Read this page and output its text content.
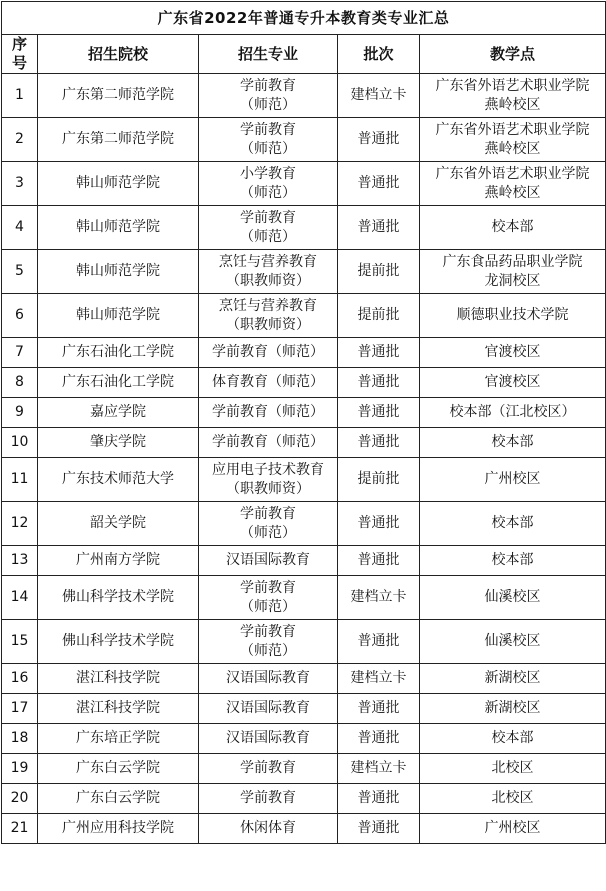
广东省2022年普通专升本教育类专业汇总				
序号	招生院校	招生专业	批次	教学点
1	广东第二师范学院	学前教育
（师范）	建档立卡	广东省外语艺术职业学院
燕岭校区

2	广东第二师范学院	学前教育
（师范）	普通批	广东省外语艺术职业学院
燕岭校区

3	韩山师范学院	小学教育
（师范）	普通批	广东省外语艺术职业学院
燕岭校区

4	韩山师范学院	学前教育
（师范）	普通批	校本部

5	韩山师范学院	烹饪与营养教育
（职教师资）	提前批	广东食品药品职业学院
龙洞校区

6	韩山师范学院	烹饪与营养教育
（职教师资）	提前批	顺德职业技术学院

7	广东石油化工学院	学前教育（师范）	普通批	官渡校区

8	广东石油化工学院	体育教育（师范）	普通批	官渡校区

9	嘉应学院	学前教育（师范）	普通批	校本部（江北校区）

10	肇庆学院	学前教育（师范）	普通批	校本部

11	广东技术师范大学	应用电子技术教育
（职教师资）	提前批	广州校区

12	韶关学院	学前教育
（师范）	普通批	校本部

13	广州南方学院	汉语国际教育	普通批	校本部

14	佛山科学技术学院	学前教育
（师范）	建档立卡	仙溪校区

15	佛山科学技术学院	学前教育
（师范）	普通批	仙溪校区

16	湛江科技学院	汉语国际教育	建档立卡	新湖校区

17	湛江科技学院	汉语国际教育	普通批	新湖校区

18	广东培正学院	汉语国际教育	普通批	校本部

19	广东白云学院	学前教育	建档立卡	北校区

20	广东白云学院	学前教育	普通批	北校区

21	广州应用科技学院	休闲体育	普通批	广州校区
